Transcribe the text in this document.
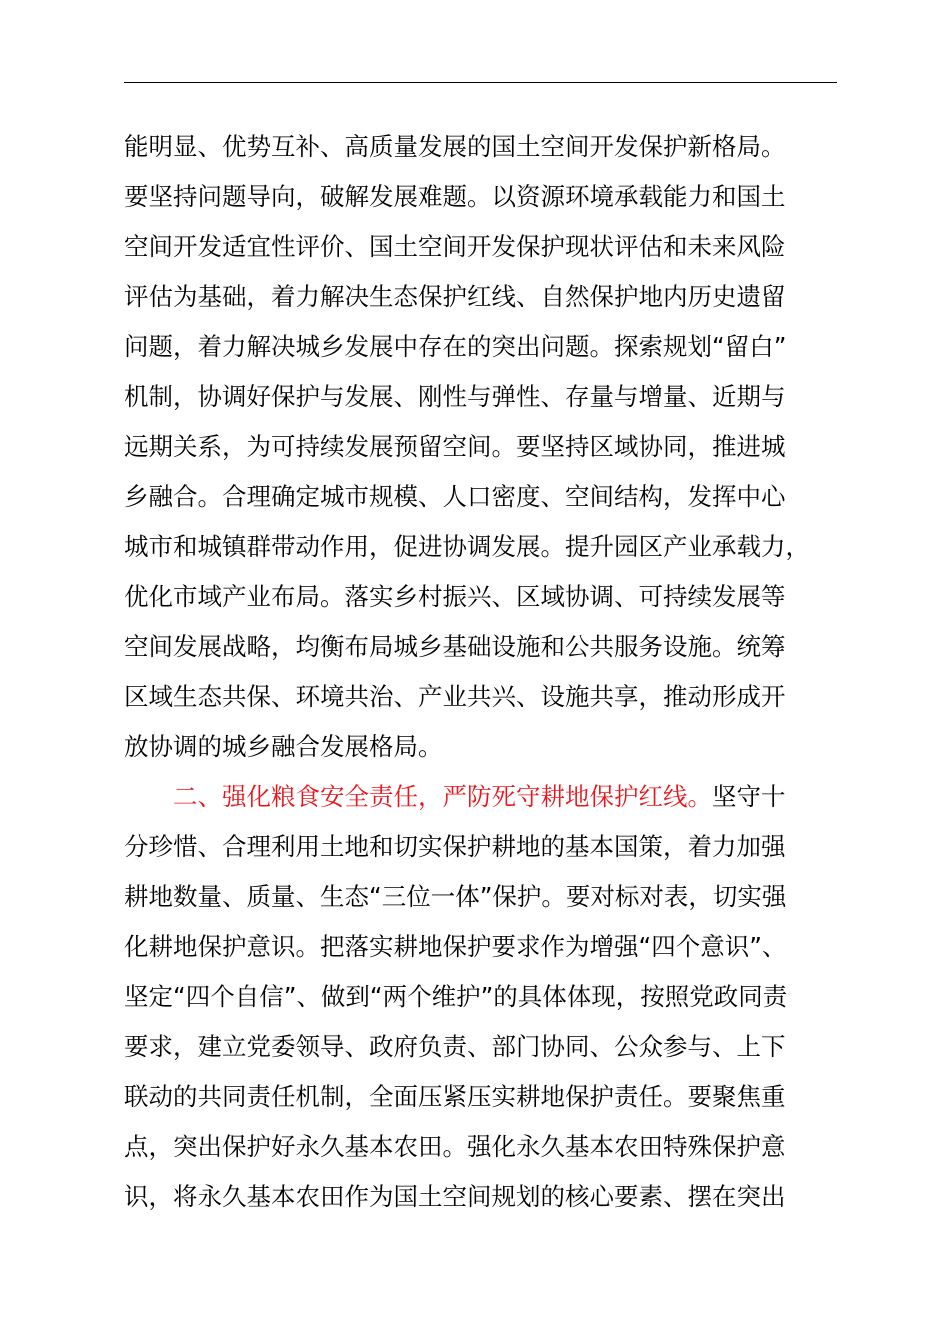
能明显、优势互补、高质量发展的国土空间开发保护新格局。
要坚持问题导向，破解发展难题。以资源环境承载能力和国土
空间开发适宜性评价、国土空间开发保护现状评估和未来风险
评估为基础，着力解决生态保护红线、自然保护地内历史遗留
问题，着力解决城乡发展中存在的突出问题。探索规划“留白”
机制，协调好保护与发展、刚性与弹性、存量与增量、近期与
远期关系，为可持续发展预留空间。要坚持区域协同，推进城
乡融合。合理确定城市规模、人口密度、空间结构，发挥中心
城市和城镇群带动作用，促进协调发展。提升园区产业承载力，
优化市域产业布局。落实乡村振兴、区域协调、可持续发展等
空间发展战略，均衡布局城乡基础设施和公共服务设施。统筹
区域生态共保、环境共治、产业共兴、设施共享，推动形成开
放协调的城乡融合发展格局。
二、强化粮食安全责任，严防死守耕地保护红线。坚守十
分珍惜、合理利用土地和切实保护耕地的基本国策，着力加强
耕地数量、质量、生态“三位一体”保护。要对标对表，切实强
化耕地保护意识。把落实耕地保护要求作为增强“四个意识”、
坚定“四个自信”、做到“两个维护”的具体体现，按照党政同责
要求，建立党委领导、政府负责、部门协同、公众参与、上下
联动的共同责任机制，全面压紧压实耕地保护责任。要聚焦重
点，突出保护好永久基本农田。强化永久基本农田特殊保护意
识，将永久基本农田作为国土空间规划的核心要素、摆在突出
